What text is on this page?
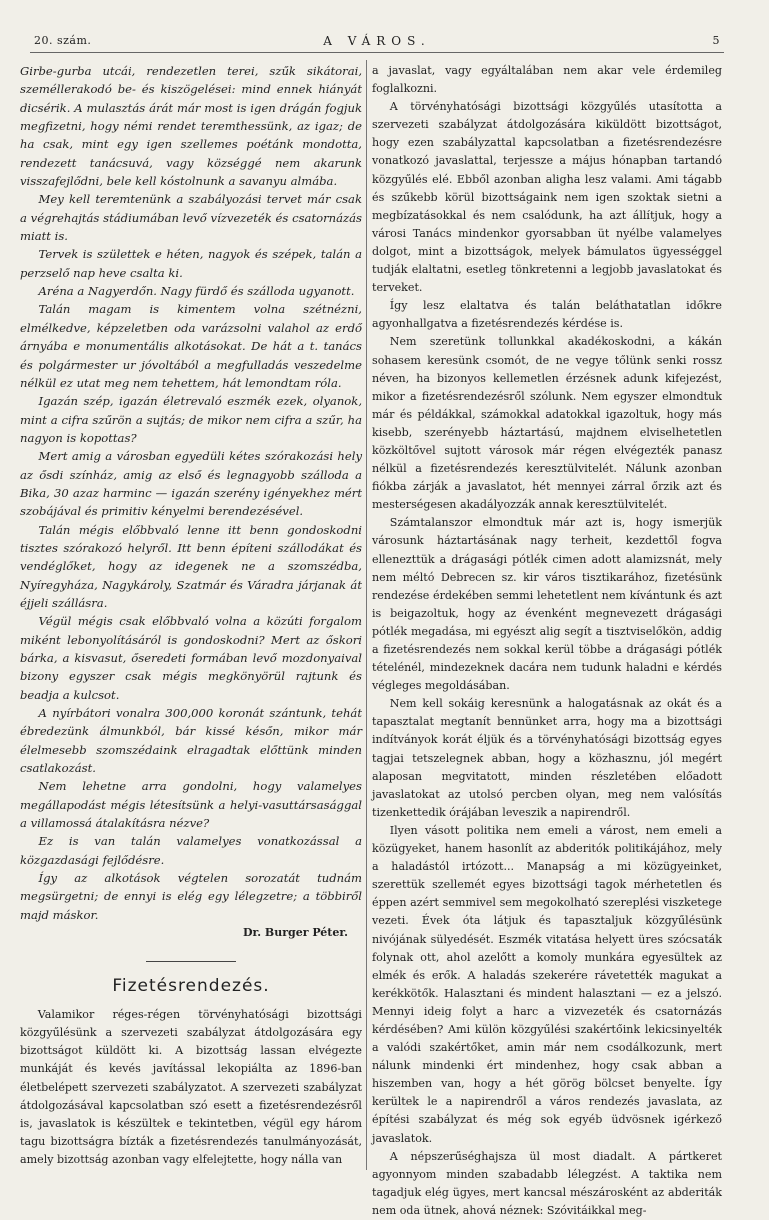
20. szám.	A VÁROS.	5

Girbe-gurba utcái, rendezetlen terei, szűk sikátorai, személlerakodó be- és kiszögelései: mind ennek hiányát dicsérik. A mulasztás árát már most is igen drágán fogjuk megfizetni, hogy némi rendet teremthessünk, az igaz; de ha csak, mint egy igen szellemes poétánk mondotta, rendezett tanácsuvá, vagy községgé nem akarunk visszafejlődni, bele kell kóstolnunk a savanyu almába.

Mey kell teremtenünk a szabályozási tervet már csak a végrehajtás stádiumában levő vízvezeték és csatornázás miatt is.

Tervek is születtek e héten, nagyok és szépek, talán a perzselő nap heve csalta ki.

Aréna a Nagyerdőn. Nagy fürdő és szálloda ugyanott.

Talán magam is kimentem volna szétnézni, elmélkedve, képzeletben oda varázsolni valahol az erdő árnyába e monumentális alkotásokat. De hát a t. tanács és polgármester ur jóvoltából a megfulladás veszedelme nélkül ez utat meg nem tehettem, hát lemondtam róla.

Igazán szép, igazán életrevaló eszmék ezek, olyanok, mint a cifra szűrön a sujtás; de mikor nem cifra a szűr, ha nagyon is kopottas?

Mert amig a városban egyedüli kétes szórakozási hely az ősdi színház, amig az első és legnagyobb szálloda a Bika, 30 azaz harminc — igazán szerény igényekhez mért szobájával és primitiv kényelmi berendezésével.

Talán mégis előbbvaló lenne itt benn gondoskodni tisztes szórakozó helyről. Itt benn építeni szállodákat és vendéglőket, hogy az idegenek ne a szomszédba, Nyíregyháza, Nagykároly, Szatmár és Váradra járjanak át éjjeli szállásra.

Végül mégis csak előbbvaló volna a közúti forgalom miként lebonyolításáról is gondoskodni? Mert az őskori bárka, a kisvasut, őseredeti formában levő mozdonyaival bizony egyszer csak mégis megkönyörül rajtunk és beadja a kulcsot.

A nyírbátori vonalra 300,000 koronát szántunk, tehát ébredezünk álmunkból, bár kissé későn, mikor már élelmesebb szomszédaink elragadtak előttünk minden csatlakozást.

Nem lehetne arra gondolni, hogy valamelyes megállapodást mégis létesítsünk a helyi-vasuttársasággal a villamossá átalakításra nézve?

Ez is van talán valamelyes vonatkozással a közgazdasági fejlődésre.

Így az alkotások végtelen sorozatát tudnám megsürgetni; de ennyi is elég egy lélegzetre; a többiről majd máskor.

Dr. Burger Péter.
Fizetésrendezés.

Valamikor réges-régen törvényhatósági bizottsági közgyűlésünk a szervezeti szabályzat átdolgozására egy bizottságot küldött ki. A bizottság lassan elvégezte munkáját és kevés javítással lekopiálta az 1896-ban életbelépett szervezeti szabályzatot. A szervezeti szabályzat átdolgozásával kapcsolatban szó esett a fizetésrendezésről is, javaslatok is készültek e tekintetben, végül egy három tagu bizottságra bízták a fizetésrendezés tanulmányozását, amely bizottság azonban vagy elfelejtette, hogy nálla van

a javaslat, vagy egyáltalában nem akar vele érdemileg foglalkozni.

A törvényhatósági bizottsági közgyűlés utasította a szervezeti szabályzat átdolgozására kiküldött bizottságot, hogy ezen szabályzattal kapcsolatban a fizetésrendezésre vonatkozó javaslattal, terjessze a május hónapban tartandó közgyűlés elé. Ebből azonban aligha lesz valami. Ami tágabb és szűkebb körül bizottságaink nem igen szoktak sietni a megbízatásokkal és nem csalódunk, ha azt állítjuk, hogy a városi Tanács mindenkor gyorsabban üt nyélbe valamelyes dolgot, mint a bizottságok, melyek bámulatos ügyességgel tudják elaltatni, esetleg tönkretenni a legjobb javaslatokat és terveket.

Így lesz elaltatva és talán beláthatatlan időkre agyonhallgatva a fizetésrendezés kérdése is.

Nem szeretünk tollunkkal akadékoskodni, a kákán sohasem keresünk csomót, de ne vegye tőlünk senki rossz néven, ha bizonyos kellemetlen érzésnek adunk kifejezést, mikor a fizetésrendezésről szólunk. Nem egyszer elmondtuk már és példákkal, számokkal adatokkal igazoltuk, hogy más kisebb, szerényebb háztartású, majdnem elviselhetetlen közköltővel sujtott városok már régen elvégezték panasz nélkül a fizetésrendezés keresztülvitelét. Nálunk azonban fiókba zárják a javaslatot, hét mennyei zárral őrzik azt és mesterségesen akadályozzák annak keresztülvitelét.

Számtalanszor elmondtuk már azt is, hogy ismerjük városunk háztartásának nagy terheit, kezdettől fogva ellenezttük a drágasági pótlék cimen adott alamizsnát, mely nem méltó Debrecen sz. kir város tisztikarához, fizetésünk rendezése érdekében semmi lehetetlent nem kívántunk és azt is beigazoltuk, hogy az évenként megnevezett drágasági pótlék megadása, mi egyészt alig segít a tisztviselőkön, addig a fizetésrendezés nem sokkal kerül többe a drágasági pótlék tételénél, mindezeknek dacára nem tudunk haladni e kérdés végleges megoldásában.

Nem kell sokáig keresnünk a halogatásnak az okát és a tapasztalat megtanít bennünket arra, hogy ma a bizottsági indítványok korát éljük és a törvényhatósági bizottság egyes tagjai tetszelegnek abban, hogy a közhasznu, jól megért alaposan megvitatott, minden részletében előadott javaslatokat az utolsó percben olyan, meg nem valósítás tizenkettedik órájában leveszik a napirendről.

Ilyen vásott politika nem emeli a várost, nem emeli a közügyeket, hanem hasonlít az abderitók politikájához, mely a haladástól irtózott... Manapság a mi közügyeinket, szerettük szellemét egyes bizottsági tagok mérhetetlen és éppen azért semmivel sem megokolható szereplési viszketege vezeti. Évek óta látjuk és tapasztaljuk közgyűlésünk nivójának sülyedését. Eszmék vitatása helyett üres szócsaták folynak ott, ahol azelőtt a komoly munkára egyesültek az elmék és erők. A haladás szekerére rávetették magukat a kerékkötők. Halasztani és mindent halasztani — ez a jelszó. Mennyi ideig folyt a harc a vizvezeték és csatornázás kérdésében? Ami külön közgyűlési szakértőink lekicsinyelték a valódi szakértőket, amin már nem csodálkozunk, mert nálunk mindenki ért mindenhez, hogy csak abban a hiszemben van, hogy a hét görög bölcset benyelte. Így kerültek le a napirendről a város rendezés javaslata, az építési szabályzat és még sok egyéb üdvösnek igérkező javaslatok.

A népszerűséghajszа ül most diadalt. A pártkeret agyonnyom minden szabadabb lélegzést. A taktika nem tagadjuk elég ügyes, mert kancsal mészárosként az abderiták nem oda ütnek, ahová néznek: Szóvitáikkal meg-
